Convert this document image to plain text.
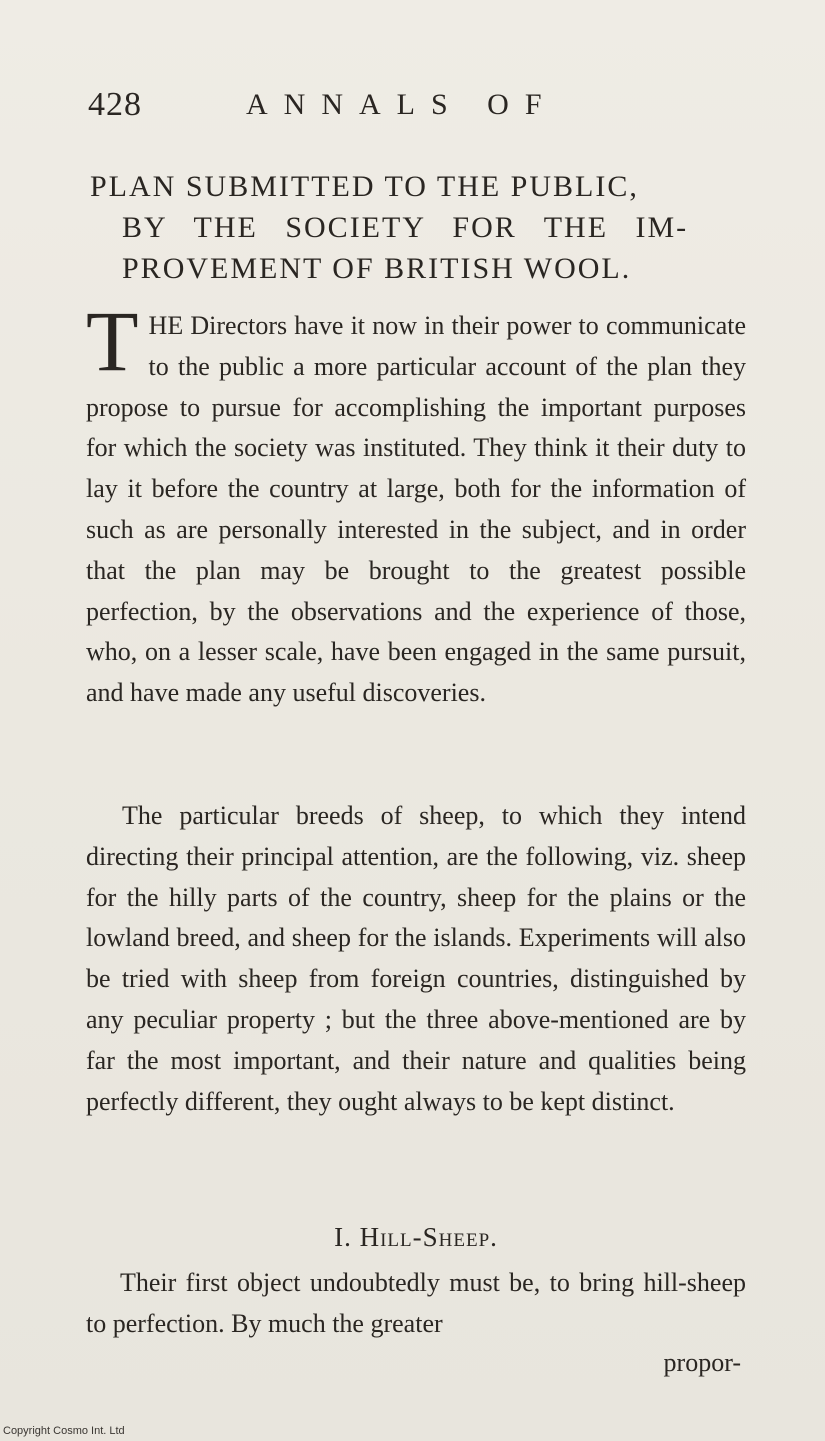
428	ANNALS OF
PLAN SUBMITTED TO THE PUBLIC,
BY THE SOCIETY FOR THE IM-
PROVEMENT OF BRITISH WOOL.
THE Directors have it now in their power to communicate to the public a more particular account of the plan they propose to pursue for accomplishing the important purposes for which the society was instituted. They think it their duty to lay it before the country at large, both for the information of such as are personally interested in the subject, and in order that the plan may be brought to the greatest possible perfection, by the observations and the experience of those, who, on a lesser scale, have been engaged in the same pursuit, and have made any useful discoveries.
The particular breeds of sheep, to which they intend directing their principal attention, are the following, viz. sheep for the hilly parts of the country, sheep for the plains or the lowland breed, and sheep for the islands. Experiments will also be tried with sheep from foreign countries, distinguished by any peculiar property ; but the three above-mentioned are by far the most important, and their nature and qualities being perfectly different, they ought always to be kept distinct.
I. Hill-Sheep.
Their first object undoubtedly must be, to bring hill-sheep to perfection. By much the greater
propor-
Copyright Cosmo Int. Ltd
